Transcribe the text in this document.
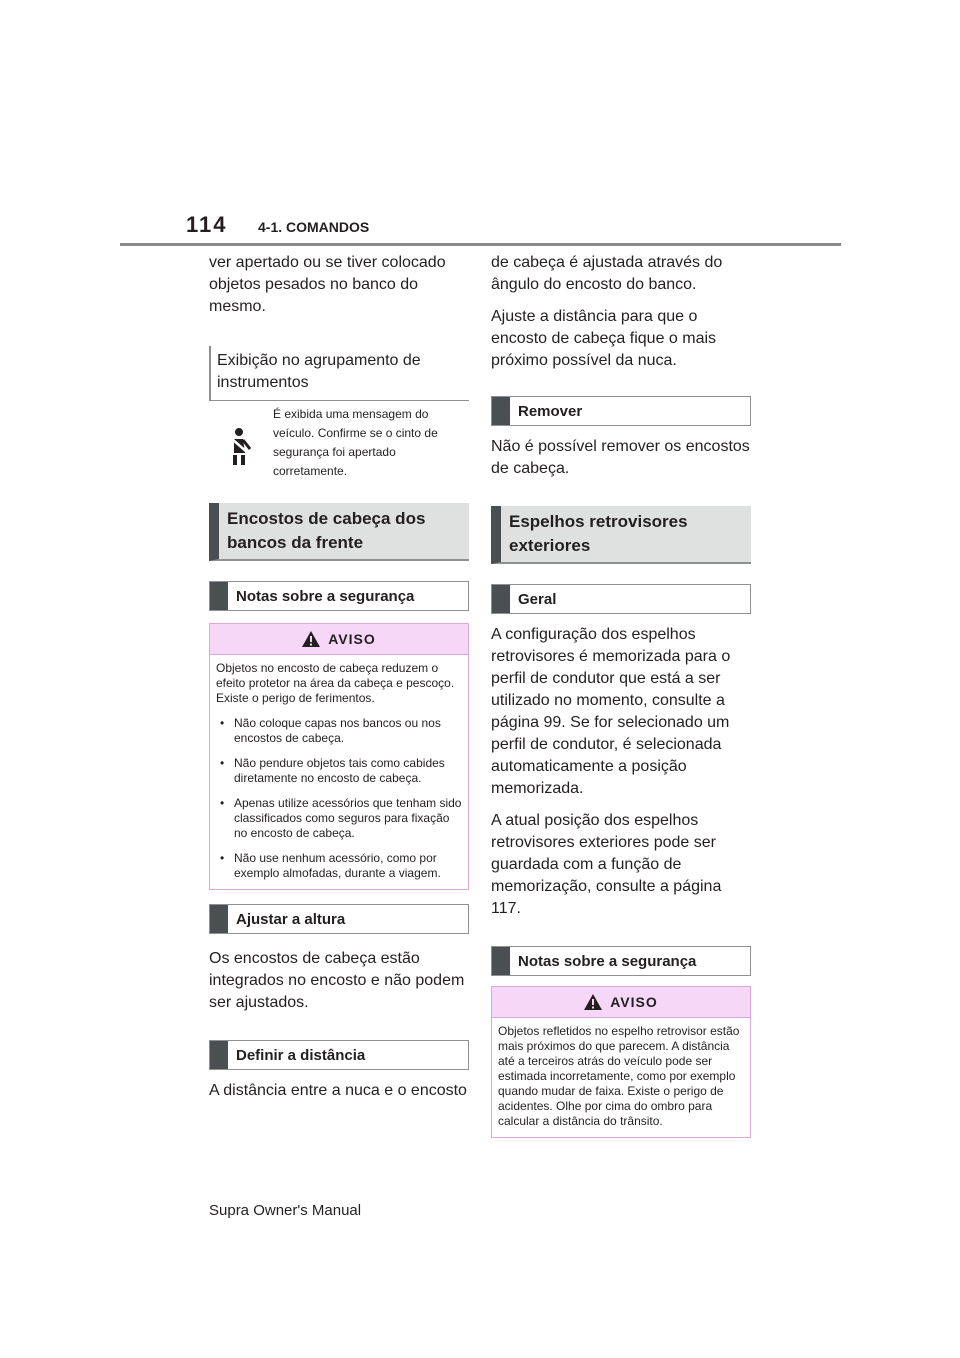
114 4-1. COMANDOS

ver apertado ou se tiver colocado objetos pesados no banco do mesmo.

Exibição no agrupamento de instrumentos
É exibida uma mensagem do veículo. Confirme se o cinto de segurança foi apertado corretamente.
Encostos de cabeça dos bancos da frente
Notas sobre a segurança
AVISO

Objetos no encosto de cabeça reduzem o efeito protetor na área da cabeça e pescoço. Existe o perigo de ferimentos.

• Não coloque capas nos bancos ou nos encostos de cabeça.
• Não pendure objetos tais como cabides diretamente no encosto de cabeça.
• Apenas utilize acessórios que tenham sido classificados como seguros para fixação no encosto de cabeça.
• Não use nenhum acessório, como por exemplo almofadas, durante a viagem.
Ajustar a altura

Os encostos de cabeça estão integrados no encosto e não podem ser ajustados.

Definir a distância

A distância entre a nuca e o encosto

de cabeça é ajustada através do ângulo do encosto do banco.

Ajuste a distância para que o encosto de cabeça fique o mais próximo possível da nuca.

Remover

Não é possível remover os encostos de cabeça.

Espelhos retrovisores exteriores
Geral

A configuração dos espelhos retrovisores é memorizada para o perfil de condutor que está a ser utilizado no momento, consulte a página 99. Se for selecionado um perfil de condutor, é selecionada automaticamente a posição memorizada.

A atual posição dos espelhos retrovisores exteriores pode ser guardada com a função de memorização, consulte a página 117.

Notas sobre a segurança
AVISO

Objetos refletidos no espelho retrovisor estão mais próximos do que parecem. A distância até a terceiros atrás do veículo pode ser estimada incorretamente, como por exemplo quando mudar de faixa. Existe o perigo de acidentes. Olhe por cima do ombro para calcular a distância do trânsito.

Supra Owner's Manual
